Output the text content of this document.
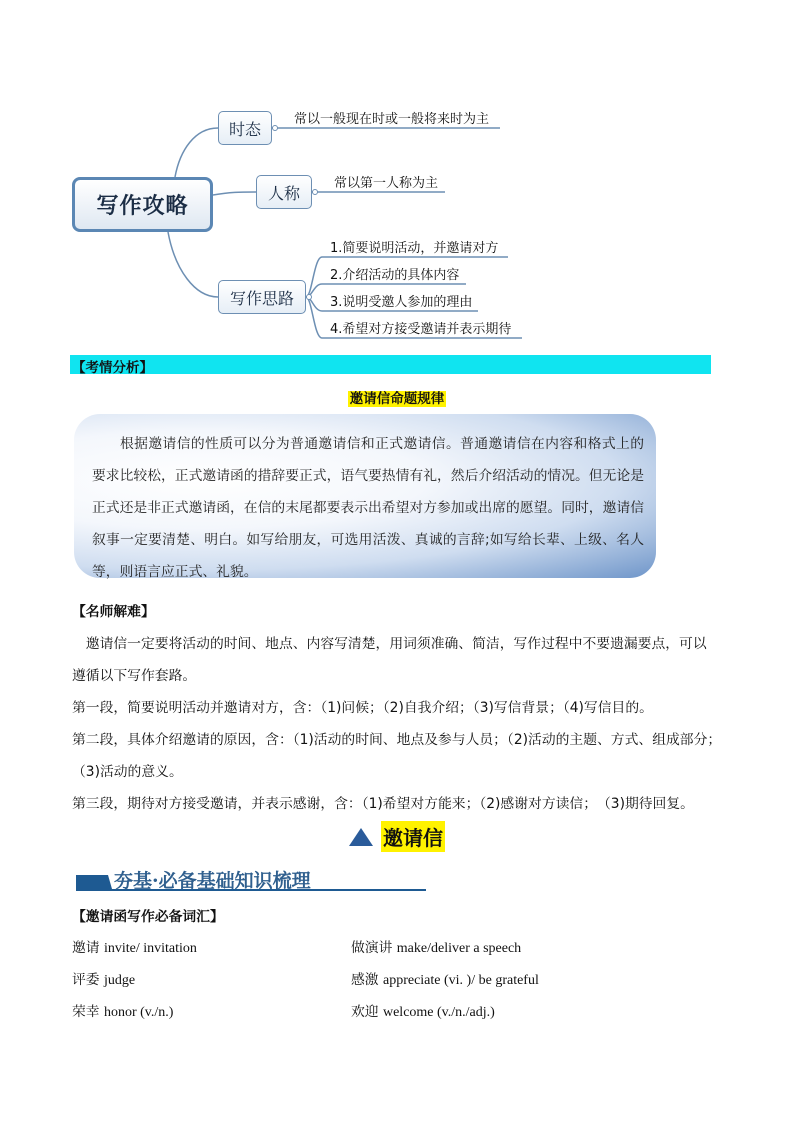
写作攻略
时态
人称
写作思路
常以一般现在时或一般将来时为主
常以第一人称为主
1.简要说明活动，并邀请对方
2.介绍活动的具体内容
3.说明受邀人参加的理由
4.希望对方接受邀请并表示期待
【考情分析】
邀请信命题规律

根据邀请信的性质可以分为普通邀请信和正式邀请信。普通邀请信在内容和格式上的要求比较松，正式邀请函的措辞要正式，语气要热情有礼，然后介绍活动的情况。但无论是正式还是非正式邀请函，在信的末尾都要表示出希望对方参加或出席的愿望。同时，邀请信叙事一定要清楚、明白。如写给朋友，可选用活泼、真诚的言辞;如写给长辈、上级、名人等，则语言应正式、礼貌。

【名师解难】
　邀请信一定要将活动的时间、地点、内容写清楚，用词须准确、简洁，写作过程中不要遗漏要点，可以
遵循以下写作套路。
第一段，简要说明活动并邀请对方，含：（1)问候；（2)自我介绍；（3)写信背景；（4)写信目的。
第二段，具体介绍邀请的原因，含：（1)活动的时间、地点及参与人员；（2)活动的主题、方式、组成部分；
（3)活动的意义。
第三段，期待对方接受邀请，并表示感谢，含：（1)希望对方能来；（2)感谢对方读信；　（3)期待回复。
邀请信
夯基·必备基础知识梳理
【邀请函写作必备词汇】
邀请 invite/ invitation	做演讲 make/deliver a speech
评委 judge	感激 appreciate (vi. )/ be grateful
荣幸 honor (v./n.)	欢迎 welcome (v./n./adj.)
